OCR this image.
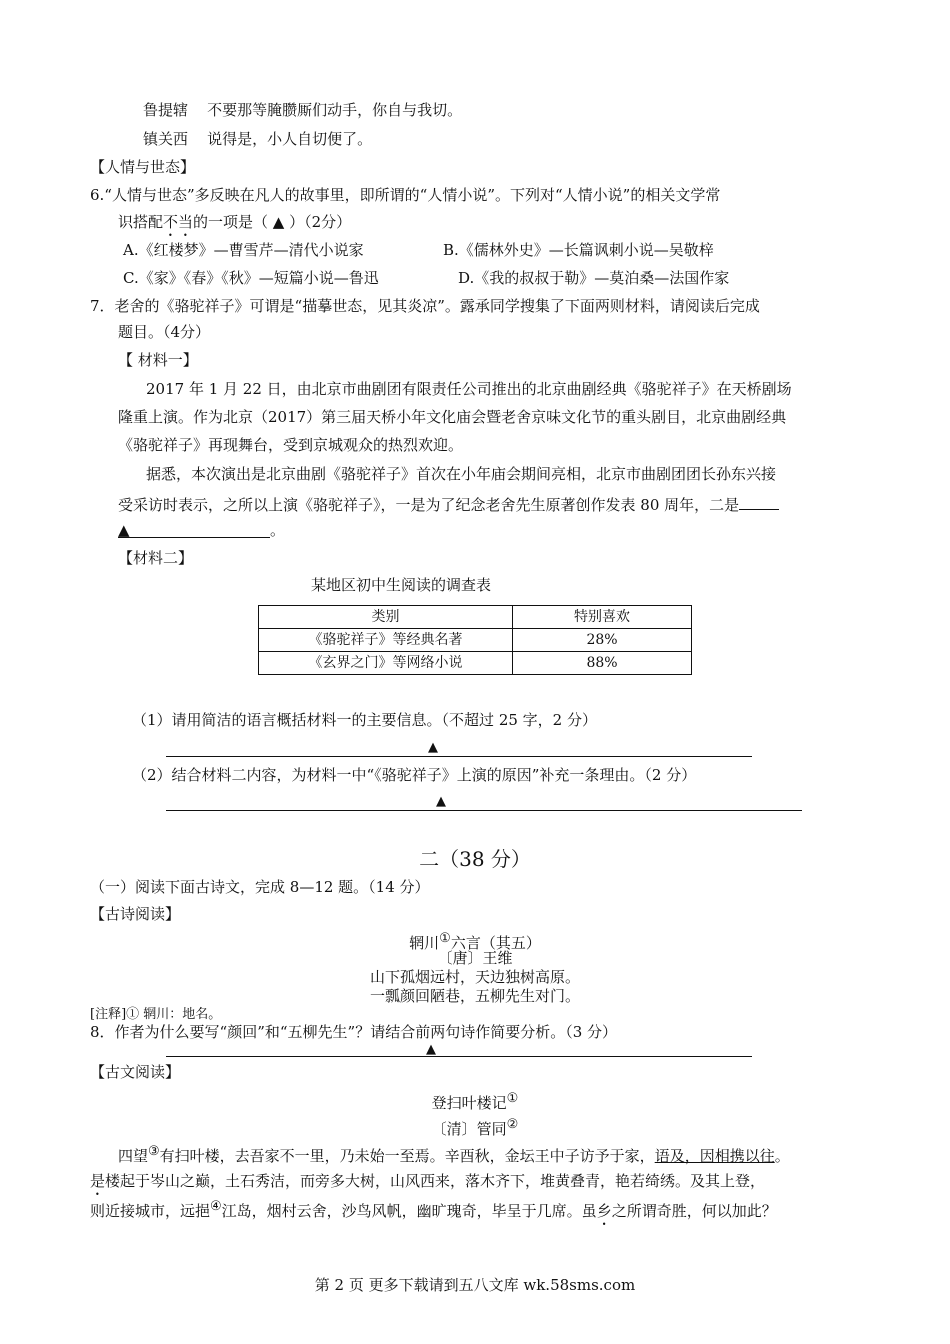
鲁提辖 不要那等腌臜厮们动手，你自与我切。
镇关西 说得是，小人自切便了。
【人情与世态】
6.“人情与世态”多反映在凡人的故事里，即所谓的“人情小说”。下列对“人情小说”的相关文学常
识搭配不当的一项是（ ▲ ）（2分）
A.《红楼梦》—曹雪芹—清代小说家	B.《儒林外史》—长篇讽刺小说—吴敬梓
C.《家》《春》《秋》—短篇小说—鲁迅	D.《我的叔叔于勒》—莫泊桑—法国作家
7．老舍的《骆驼祥子》可谓是“描摹世态，见其炎凉”。露承同学搜集了下面两则材料，请阅读后完成
题目。（4分）
【 材料一】
2017 年 1 月 22 日，由北京市曲剧团有限责任公司推出的北京曲剧经典《骆驼祥子》在天桥剧场
隆重上演。作为北京（2017）第三届天桥小年文化庙会暨老舍京味文化节的重头剧目，北京曲剧经典
《骆驼祥子》再现舞台，受到京城观众的热烈欢迎。
据悉，本次演出是北京曲剧《骆驼祥子》首次在小年庙会期间亮相，北京市曲剧团团长孙东兴接
受采访时表示，之所以上演《骆驼祥子》，一是为了纪念老舍先生原著创作发表 80 周年，二是
▲	。
【材料二】
某地区初中生阅读的调查表
类别	特别喜欢
《骆驼祥子》等经典名著	28%
《玄界之门》等网络小说	88%
（1）请用简洁的语言概括材料一的主要信息。（不超过 25 字，2 分）
▲
（2）结合材料二内容，为材料一中“《骆驼祥子》上演的原因”补充一条理由。（2 分）
▲
二（38 分）
（一）阅读下面古诗文，完成 8—12 题。（14 分）
【古诗阅读】
辋川①六言（其五）
〔唐〕王维
山下孤烟远村，天边独树高原。
一瓢颜回陋巷，五柳先生对门。
[注释]① 辋川：地名。
8．作者为什么要写“颜回”和“五柳先生”？请结合前两句诗作简要分析。（3 分）
▲
【古文阅读】
登扫叶楼记①
〔清〕管同②
四望③有扫叶楼，去吾家不一里，乃未始一至焉。辛酉秋，金坛王中子访予于家，语及，因相携以往。
是楼起于岑山之巅，土石秀洁，而旁多大树，山风西来，落木齐下，堆黄叠青，艳若绮绣。及其上登，
则近接城市，远挹④江岛，烟村云舍，沙鸟风帆，幽旷瑰奇，毕呈于几席。虽乡之所谓奇胜，何以加此？
第 2 页 更多下载请到五八文库 wk.58sms.com
